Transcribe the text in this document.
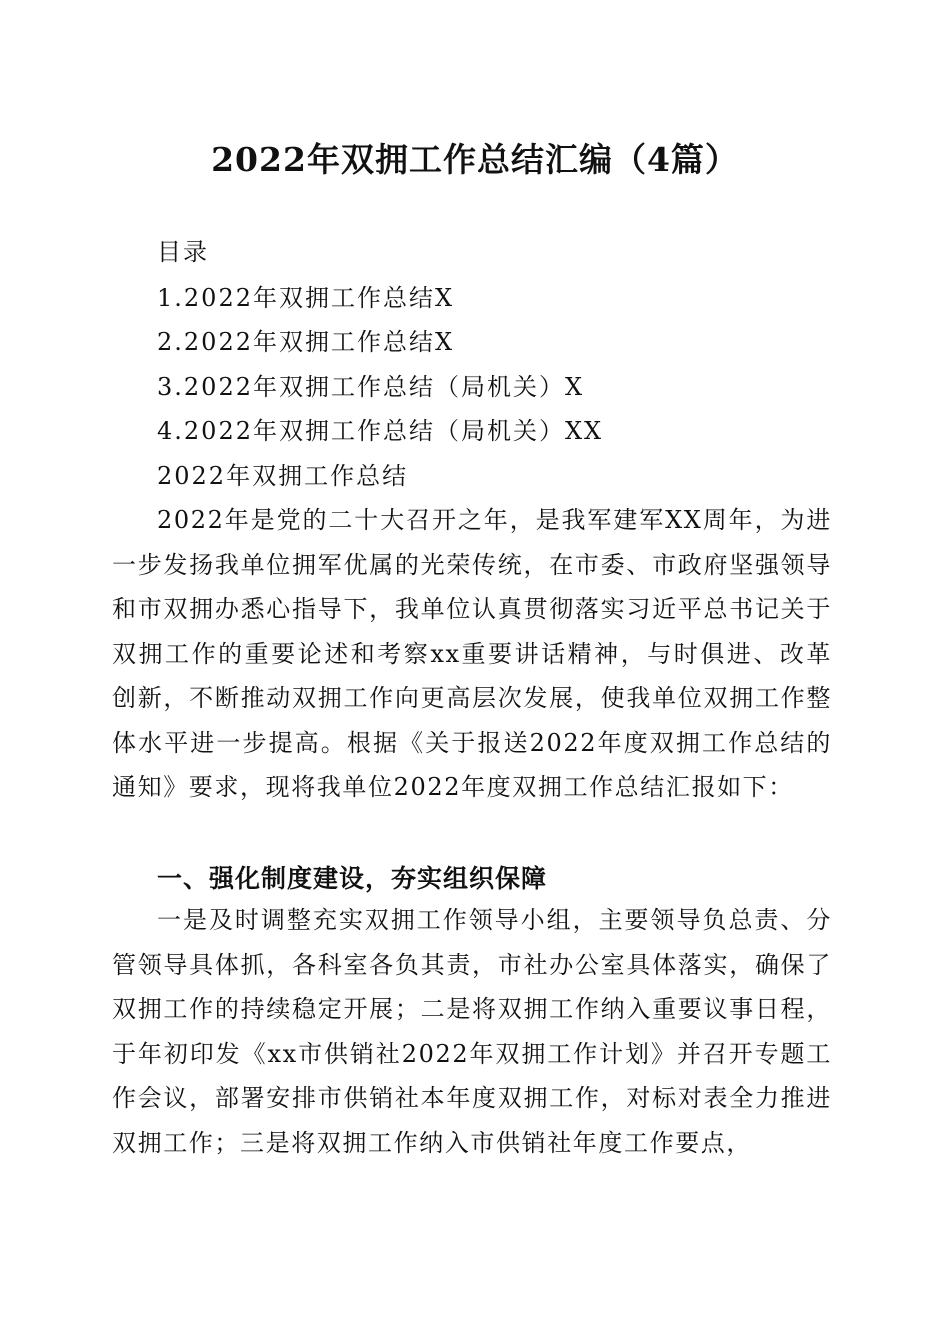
2022年双拥工作总结汇编（4篇）
目录
1.2022年双拥工作总结X
2.2022年双拥工作总结X
3.2022年双拥工作总结（局机关）X
4.2022年双拥工作总结（局机关）XX
2022年双拥工作总结

2022年是党的二十大召开之年，是我军建军XX周年，为进一步发扬我单位拥军优属的光荣传统，在市委、市政府坚强领导和市双拥办悉心指导下，我单位认真贯彻落实习近平总书记关于双拥工作的重要论述和考察xx重要讲话精神，与时俱进、改革创新，不断推动双拥工作向更高层次发展，使我单位双拥工作整体水平进一步提高。根据《关于报送2022年度双拥工作总结的通知》要求，现将我单位2022年度双拥工作总结汇报如下：

一、强化制度建设，夯实组织保障

一是及时调整充实双拥工作领导小组，主要领导负总责、分管领导具体抓，各科室各负其责，市社办公室具体落实，确保了双拥工作的持续稳定开展；二是将双拥工作纳入重要议事日程，于年初印发《xx市供销社2022年双拥工作计划》并召开专题工作会议，部署安排市供销社本年度双拥工作，对标对表全力推进双拥工作；三是将双拥工作纳入市供销社年度工作要点，
